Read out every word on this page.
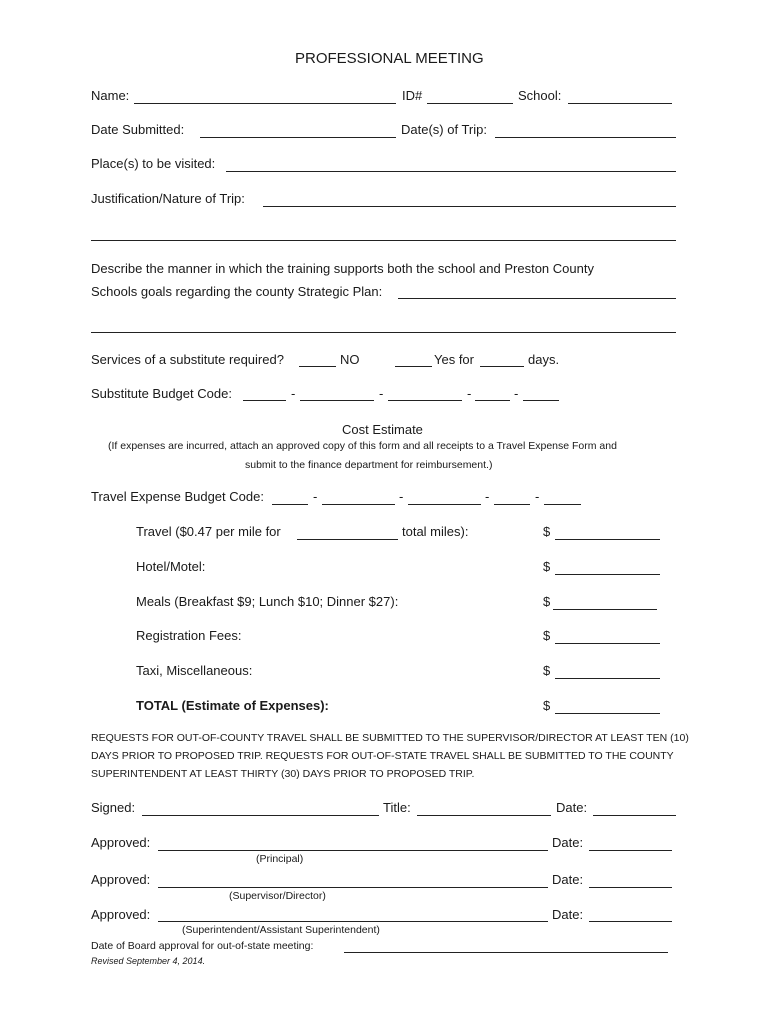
PROFESSIONAL MEETING
Name:	ID#	School:
Date Submitted:	Date(s) of Trip:
Place(s) to be visited:
Justification/Nature of Trip:
Describe the manner in which the training supports both the school and Preston County
Schools goals regarding the county Strategic Plan:
Services of a substitute required?	NO	Yes for	days.
Substitute Budget Code:	-	-	-	-
Cost Estimate
(If expenses are incurred, attach an approved copy of this form and all receipts to a Travel Expense Form and
submit to the finance department for reimbursement.)
Travel Expense Budget Code:	-	-	-	-
Travel ($0.47 per mile for	total miles):	$
Hotel/Motel:	$
Meals (Breakfast $9; Lunch $10; Dinner $27):	$
Registration Fees:	$
Taxi, Miscellaneous:	$
TOTAL (Estimate of Expenses):	$
REQUESTS FOR OUT-OF-COUNTY TRAVEL SHALL BE SUBMITTED TO THE SUPERVISOR/DIRECTOR AT LEAST TEN (10)
DAYS PRIOR TO PROPOSED TRIP. REQUESTS FOR OUT-OF-STATE TRAVEL SHALL BE SUBMITTED TO THE COUNTY
SUPERINTENDENT AT LEAST THIRTY (30) DAYS PRIOR TO PROPOSED TRIP.
Signed:	Title:	Date:
Approved:	Date:
(Principal)
Approved:	Date:
(Supervisor/Director)
Approved:	Date:
(Superintendent/Assistant Superintendent)
Date of Board approval for out-of-state meeting:
Revised September 4, 2014.
